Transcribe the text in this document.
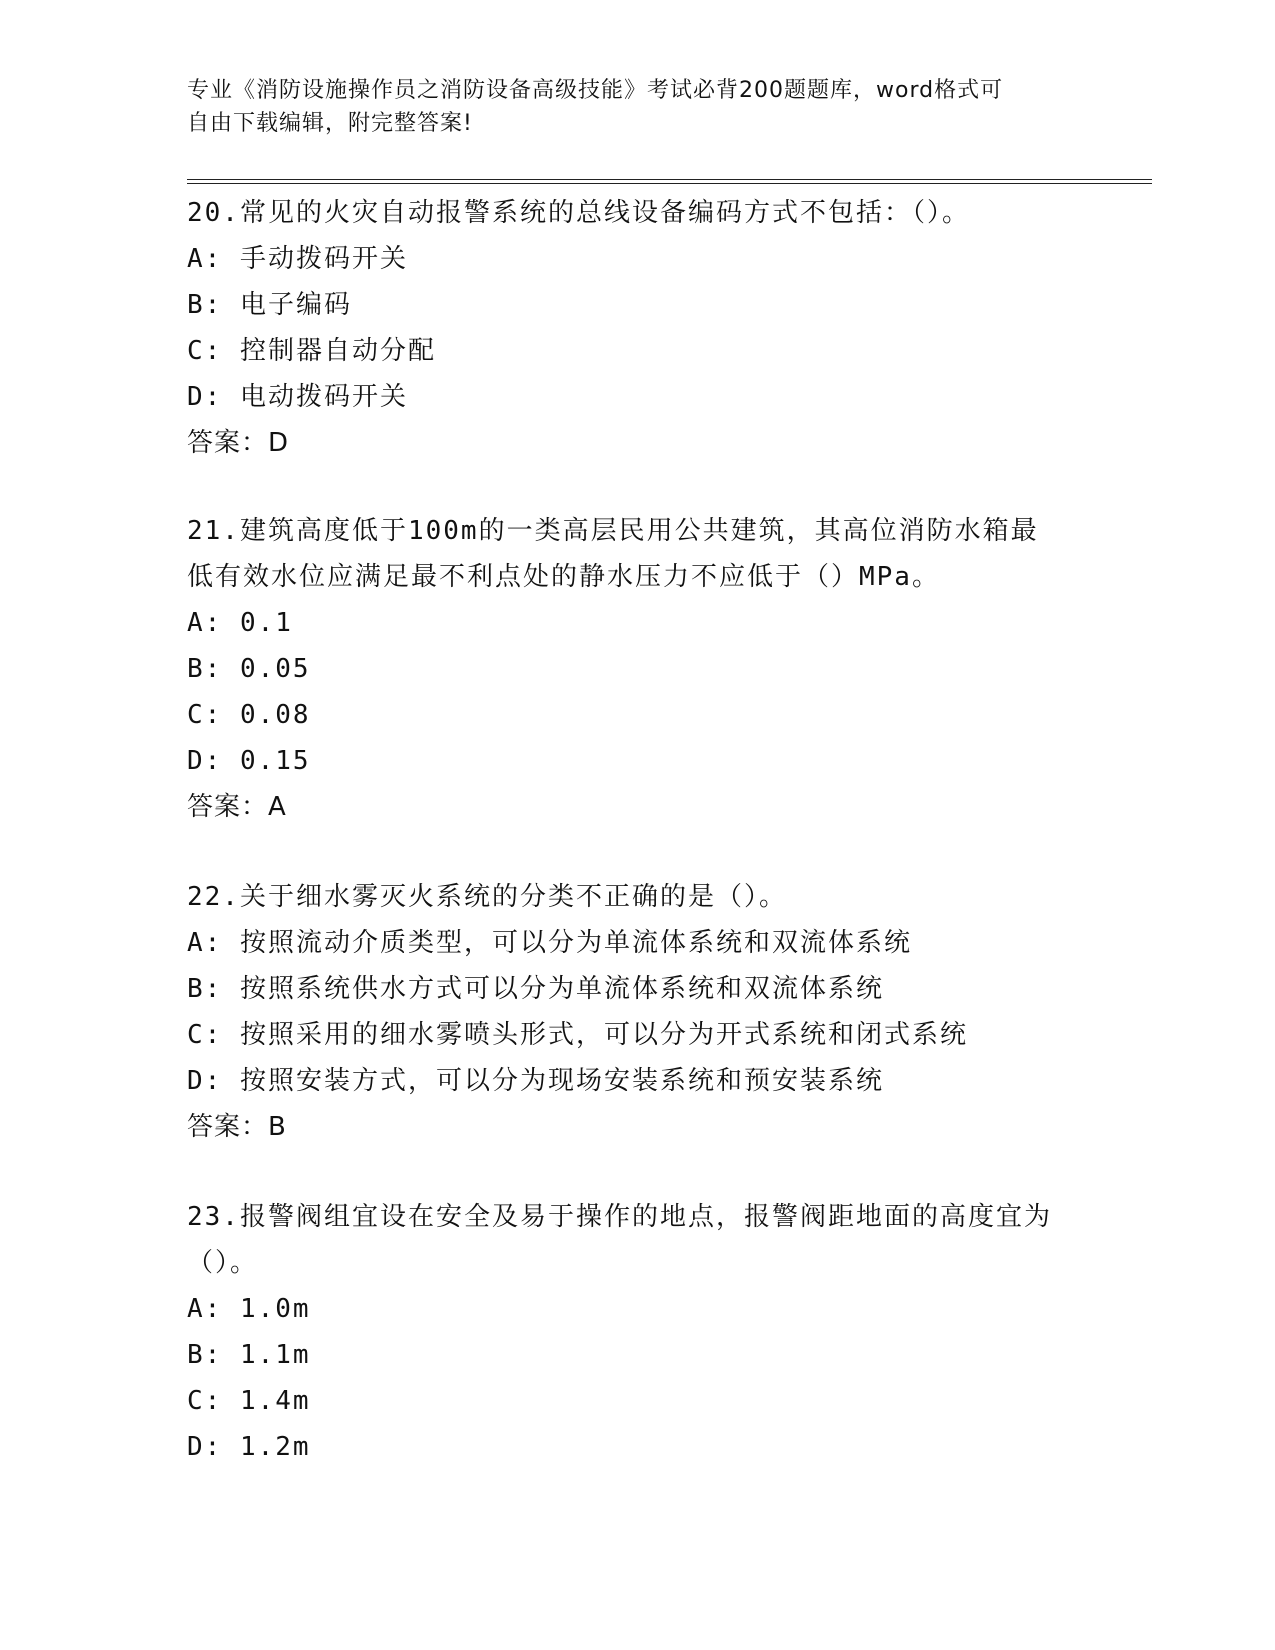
专业《消防设施操作员之消防设备高级技能》考试必背200题题库，word格式可
自由下载编辑，附完整答案!

20.常见的火灾自动报警系统的总线设备编码方式不包括：（）。

A: 手动拨码开关

B: 电子编码

C: 控制器自动分配

D: 电动拨码开关

答案：D

21.建筑高度低于100m的一类高层民用公共建筑，其高位消防水箱最

低有效水位应满足最不利点处的静水压力不应低于（）MPa。

A: 0.1

B: 0.05

C: 0.08

D: 0.15

答案：A

22.关于细水雾灭火系统的分类不正确的是（）。

A: 按照流动介质类型，可以分为单流体系统和双流体系统

B: 按照系统供水方式可以分为单流体系统和双流体系统

C: 按照采用的细水雾喷头形式，可以分为开式系统和闭式系统

D: 按照安装方式，可以分为现场安装系统和预安装系统

答案：B

23.报警阀组宜设在安全及易于操作的地点，报警阀距地面的高度宜为

（）。

A: 1.0m

B: 1.1m

C: 1.4m

D: 1.2m
